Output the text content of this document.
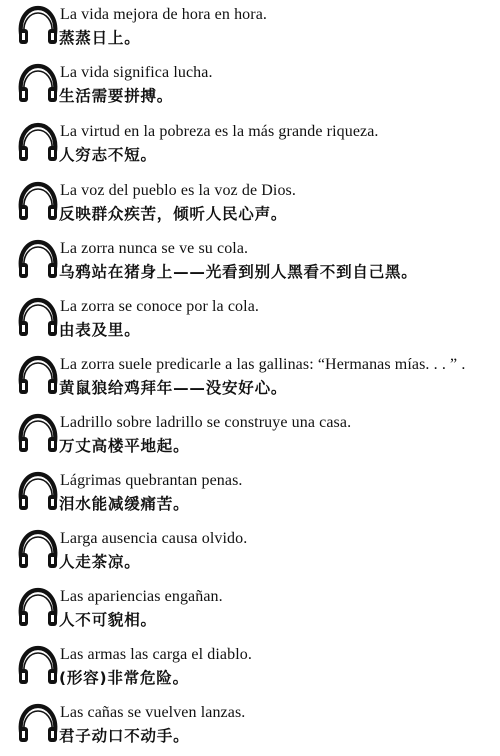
La vida mejora de hora en hora.
蒸蒸日上。
La vida significa lucha.
生活需要拼搏。
La virtud en la pobreza es la más grande riqueza.
人穷志不短。
La voz del pueblo es la voz de Dios.
反映群众疾苦，倾听人民心声。
La zorra nunca se ve su cola.
乌鸦站在猪身上——光看到别人黑看不到自己黑。
La zorra se conoce por la cola.
由表及里。
La zorra suele predicarle a las gallinas: “Hermanas mías. . . ” .
黄鼠狼给鸡拜年——没安好心。
Ladrillo sobre ladrillo se construye una casa.
万丈高楼平地起。
Lágrimas quebrantan penas.
泪水能减缓痛苦。
Larga ausencia causa olvido.
人走茶凉。
Las apariencias engañan.
人不可貌相。
Las armas las carga el diablo.
(形容)非常危险。
Las cañas se vuelven lanzas.
君子动口不动手。
